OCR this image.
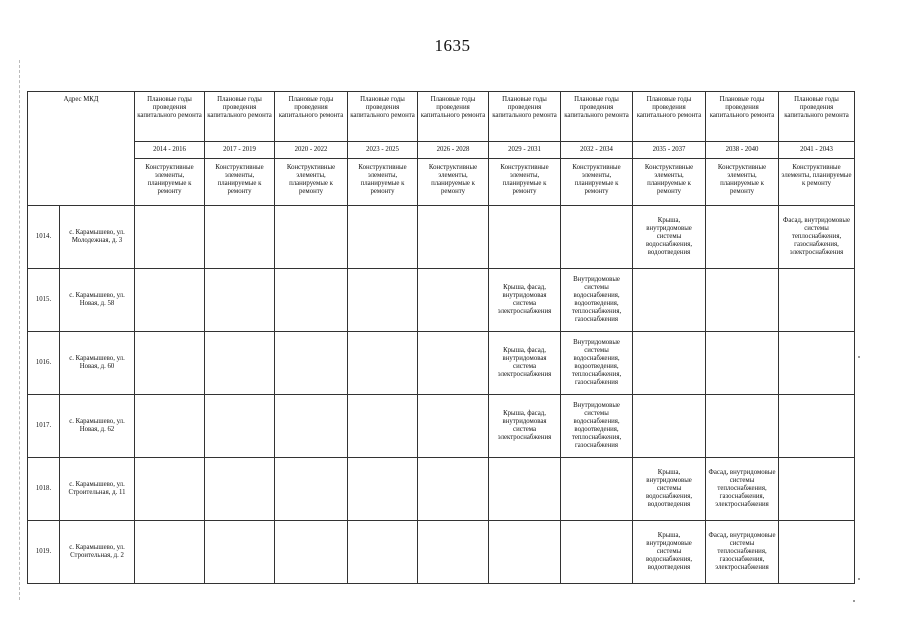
1635
Адрес МКД		Плановые годы проведения капитального ремонта	Плановые годы проведения капитального ремонта	Плановые годы проведения капитального ремонта	Плановые годы проведения капитального ремонта	Плановые годы проведения капитального ремонта	Плановые годы проведения капитального ремонта	Плановые годы проведения капитального ремонта	Плановые годы проведения капитального ремонта	Плановые годы проведения капитального ремонта	Плановые годы проведения капитального ремонта
		2014 - 2016	2017 - 2019	2020 - 2022	2023 - 2025	2026 - 2028	2029 - 2031	2032 - 2034	2035 - 2037	2038 - 2040	2041 - 2043
		Конструктивные элементы, планируемые к ремонту	Конструктивные элементы, планируемые к ремонту	Конструктивные элементы, планируемые к ремонту	Конструктивные элементы, планируемые к ремонту	Конструктивные элементы, планируемые к ремонту	Конструктивные элементы, планируемые к ремонту	Конструктивные элементы, планируемые к ремонту	Конструктивные элементы, планируемые к ремонту	Конструктивные элементы, планируемые к ремонту	Конструктивные элементы, планируемые к ремонту
1014.	с. Карамышево, ул. Молодежная, д. 3								Крыша, внутридомовые системы водоснабжения, водоотведения		Фасад, внутридомовые системы теплоснабжения, газоснабжения, электроснабжения
1015.	с. Карамышево, ул. Новая, д. 58						Крыша, фасад, внутридомовая система электроснабжения	Внутридомовые системы водоснабжения, водоотведения, теплоснабжения, газоснабжения			
1016.	с. Карамышево, ул. Новая, д. 60						Крыша, фасад, внутридомовая система электроснабжения	Внутридомовые системы водоснабжения, водоотведения, теплоснабжения, газоснабжения			
1017.	с. Карамышево, ул. Новая, д. 62						Крыша, фасад, внутридомовая система электроснабжения	Внутридомовые системы водоснабжения, водоотведения, теплоснабжения, газоснабжения			
1018.	с. Карамышево, ул. Строительная, д. 11								Крыша, внутридомовые системы водоснабжения, водоотведения	Фасад, внутридомовые системы теплоснабжения, газоснабжения, электроснабжения	
1019.	с. Карамышево, ул. Строительная, д. 2								Крыша, внутридомовые системы водоснабжения, водоотведения	Фасад, внутридомовые системы теплоснабжения, газоснабжения, электроснабжения	
